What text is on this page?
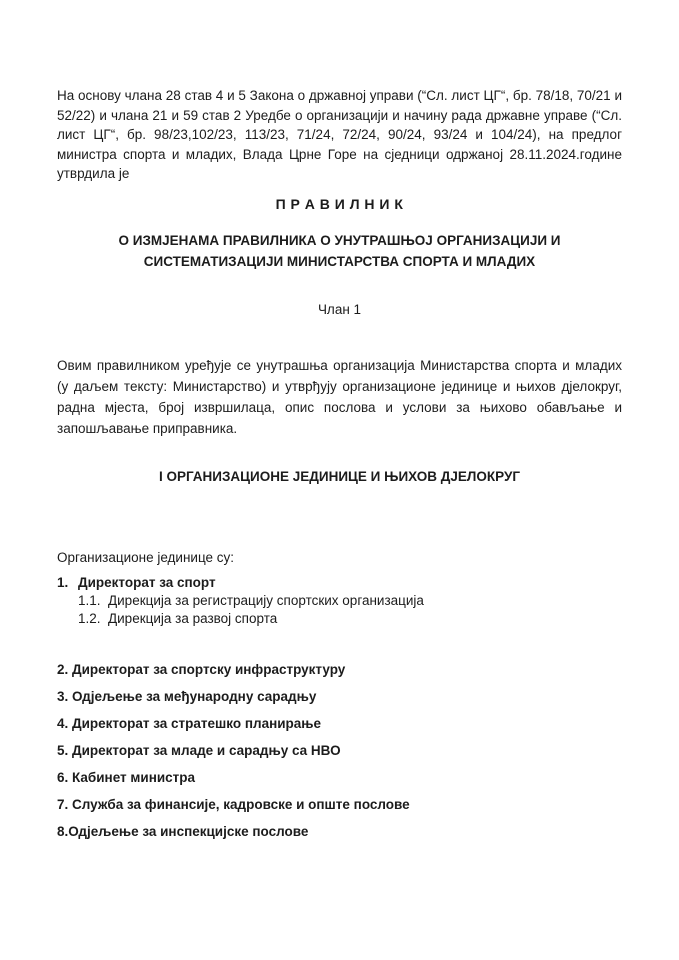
На основу члана 28 став 4 и 5 Закона о државној управи (“Сл. лист ЦГ“, бр. 78/18, 70/21 и 52/22) и члана 21 и 59 став 2 Уредбе о организацији и начину рада државне управе (“Сл. лист ЦГ“, бр. 98/23,102/23, 113/23, 71/24, 72/24, 90/24, 93/24 и 104/24), на предлог министра спорта и младих, Влада Црне Горе на сједници одржаној 28.11.2024.године утврдила је

П Р А В И Л Н И К
О ИЗМЈЕНАМА ПРАВИЛНИКА О УНУТРАШЊОЈ ОРГАНИЗАЦИЈИ И СИСТЕМАТИЗАЦИЈИ МИНИСТАРСТВА СПОРТА И МЛАДИХ

Члан 1

Овим правилником уређује се унутрашња организација Министарства спорта и младих (у даљем тексту: Министарство) и утврђују организационе јединице и њихов дјелокруг, радна мјеста, број извршилаца, опис послова и услови за њихово обављање и запошљавање приправника.

I ОРГАНИЗАЦИОНЕ ЈЕДИНИЦЕ И ЊИХОВ ДЈЕЛОКРУГ

Организационе јединице су:

1. Директорат за спорт
1.1. Дирекција за регистрацију спортских организација
1.2. Дирекција за развој спорта
2. Директорат за спортску инфраструктуру
3. Одјељење за међународну сарадњу
4. Директорат за стратешко планирање
5. Директорат за младе и сарадњу са НВО
6. Кабинет министра
7. Служба за финансије, кадровске и опште послове
8.Одјељење за инспекцијске послове
